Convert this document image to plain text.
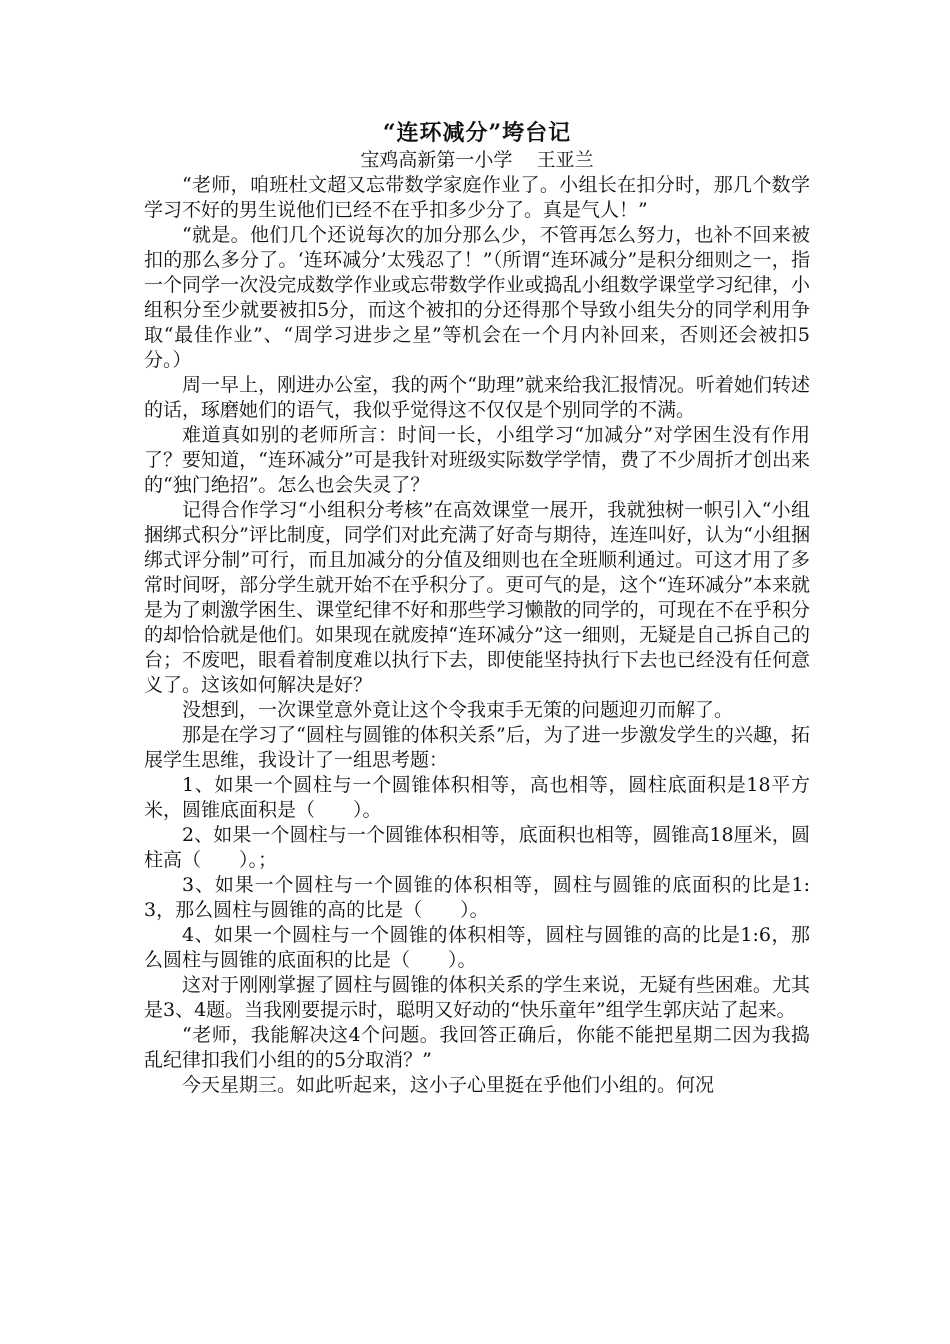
“连环减分”垮台记
宝鸡高新第一小学    王亚兰

“老师，咱班杜文超又忘带数学家庭作业了。小组长在扣分时，那几个数学学习不好的男生说他们已经不在乎扣多少分了。真是气人！”

“就是。他们几个还说每次的加分那么少，不管再怎么努力，也补不回来被扣的那么多分了。‘连环减分’太残忍了！”（所谓“连环减分”是积分细则之一，指一个同学一次没完成数学作业或忘带数学作业或捣乱小组数学课堂学习纪律，小组积分至少就要被扣5分，而这个被扣的分还得那个导致小组失分的同学利用争取“最佳作业”、“周学习进步之星”等机会在一个月内补回来，否则还会被扣5分。）

周一早上，刚进办公室，我的两个“助理”就来给我汇报情况。听着她们转述的话，琢磨她们的语气，我似乎觉得这不仅仅是个别同学的不满。

难道真如别的老师所言：时间一长，小组学习“加减分”对学困生没有作用了？要知道，“连环减分”可是我针对班级实际数学学情，费了不少周折才创出来的“独门绝招”。怎么也会失灵了？

记得合作学习“小组积分考核”在高效课堂一展开，我就独树一帜引入“小组捆绑式积分”评比制度，同学们对此充满了好奇与期待，连连叫好，认为“小组捆绑式评分制”可行，而且加减分的分值及细则也在全班顺利通过。可这才用了多常时间呀，部分学生就开始不在乎积分了。更可气的是，这个“连环减分”本来就是为了刺激学困生、课堂纪律不好和那些学习懒散的同学的，可现在不在乎积分的却恰恰就是他们。如果现在就废掉“连环减分”这一细则，无疑是自己拆自己的台；不废吧，眼看着制度难以执行下去，即使能坚持执行下去也已经没有任何意义了。这该如何解决是好？

没想到，一次课堂意外竟让这个令我束手无策的问题迎刃而解了。

那是在学习了“圆柱与圆锥的体积关系”后，为了进一步激发学生的兴趣，拓展学生思维，我设计了一组思考题：

1、如果一个圆柱与一个圆锥体积相等，高也相等，圆柱底面积是18平方米，圆锥底面积是（　　）。

2、如果一个圆柱与一个圆锥体积相等，底面积也相等，圆锥高18厘米，圆柱高（　　）。；

3、如果一个圆柱与一个圆锥的体积相等，圆柱与圆锥的底面积的比是1:3，那么圆柱与圆锥的高的比是（　　）。

4、如果一个圆柱与一个圆锥的体积相等，圆柱与圆锥的高的比是1:6，那么圆柱与圆锥的底面积的比是（　　）。

这对于刚刚掌握了圆柱与圆锥的体积关系的学生来说，无疑有些困难。尤其是3、4题。当我刚要提示时，聪明又好动的“快乐童年”组学生郭庆站了起来。

“老师，我能解决这4个问题。我回答正确后，你能不能把星期二因为我捣乱纪律扣我们小组的的5分取消？”

今天星期三。如此听起来，这小子心里挺在乎他们小组的。何况
